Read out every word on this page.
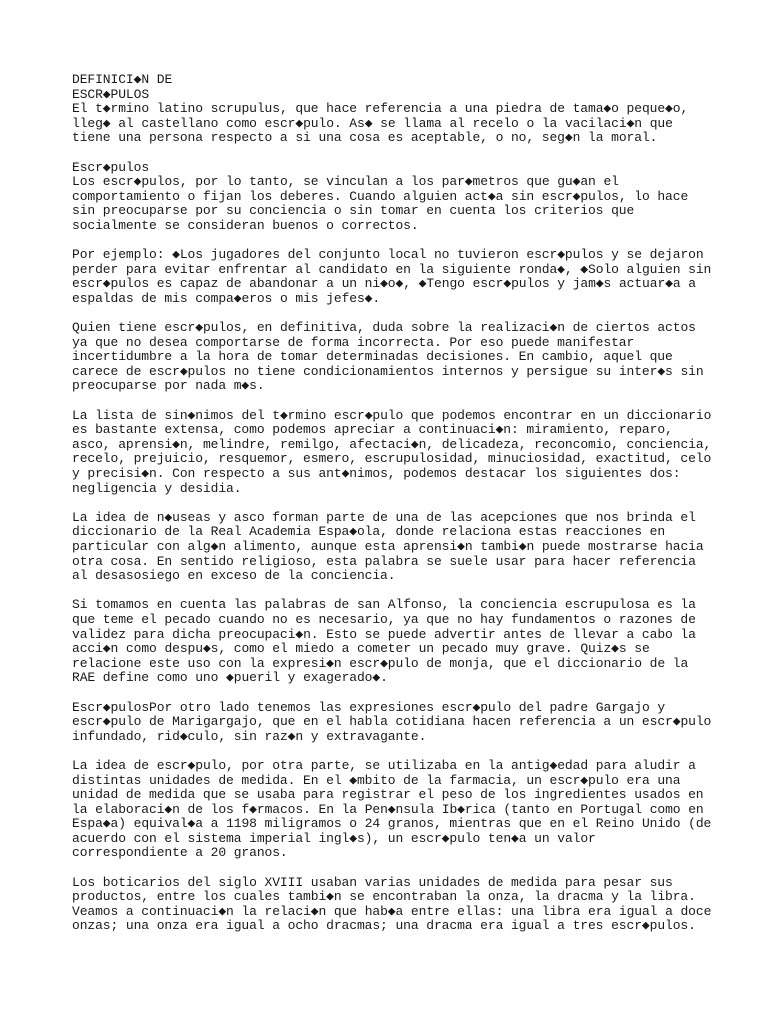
DEFINICI◆N DE
ESCR◆PULOS
El t◆rmino latino scrupulus, que hace referencia a una piedra de tama◆o peque◆o,
lleg◆ al castellano como escr◆pulo. As◆ se llama al recelo o la vacilaci◆n que
tiene una persona respecto a si una cosa es aceptable, o no, seg◆n la moral.
Escr◆pulos
Los escr◆pulos, por lo tanto, se vinculan a los par◆metros que gu◆an el
comportamiento o fijan los deberes. Cuando alguien act◆a sin escr◆pulos, lo hace
sin preocuparse por su conciencia o sin tomar en cuenta los criterios que
socialmente se consideran buenos o correctos.
Por ejemplo: ◆Los jugadores del conjunto local no tuvieron escr◆pulos y se dejaron
perder para evitar enfrentar al candidato en la siguiente ronda◆, ◆Solo alguien sin
escr◆pulos es capaz de abandonar a un ni◆o◆, ◆Tengo escr◆pulos y jam◆s actuar◆a a
espaldas de mis compa◆eros o mis jefes◆.
Quien tiene escr◆pulos, en definitiva, duda sobre la realizaci◆n de ciertos actos
ya que no desea comportarse de forma incorrecta. Por eso puede manifestar
incertidumbre a la hora de tomar determinadas decisiones. En cambio, aquel que
carece de escr◆pulos no tiene condicionamientos internos y persigue su inter◆s sin
preocuparse por nada m◆s.
La lista de sin◆nimos del t◆rmino escr◆pulo que podemos encontrar en un diccionario
es bastante extensa, como podemos apreciar a continuaci◆n: miramiento, reparo,
asco, aprensi◆n, melindre, remilgo, afectaci◆n, delicadeza, reconcomio, conciencia,
recelo, prejuicio, resquemor, esmero, escrupulosidad, minuciosidad, exactitud, celo
y precisi◆n. Con respecto a sus ant◆nimos, podemos destacar los siguientes dos:
negligencia y desidia.
La idea de n◆useas y asco forman parte de una de las acepciones que nos brinda el
diccionario de la Real Academia Espa◆ola, donde relaciona estas reacciones en
particular con alg◆n alimento, aunque esta aprensi◆n tambi◆n puede mostrarse hacia
otra cosa. En sentido religioso, esta palabra se suele usar para hacer referencia
al desasosiego en exceso de la conciencia.
Si tomamos en cuenta las palabras de san Alfonso, la conciencia escrupulosa es la
que teme el pecado cuando no es necesario, ya que no hay fundamentos o razones de
validez para dicha preocupaci◆n. Esto se puede advertir antes de llevar a cabo la
acci◆n como despu◆s, como el miedo a cometer un pecado muy grave. Quiz◆s se
relacione este uso con la expresi◆n escr◆pulo de monja, que el diccionario de la
RAE define como uno ◆pueril y exagerado◆.
Escr◆pulosPor otro lado tenemos las expresiones escr◆pulo del padre Gargajo y
escr◆pulo de Marigargajo, que en el habla cotidiana hacen referencia a un escr◆pulo
infundado, rid◆culo, sin raz◆n y extravagante.
La idea de escr◆pulo, por otra parte, se utilizaba en la antig◆edad para aludir a
distintas unidades de medida. En el ◆mbito de la farmacia, un escr◆pulo era una
unidad de medida que se usaba para registrar el peso de los ingredientes usados en
la elaboraci◆n de los f◆rmacos. En la Pen◆nsula Ib◆rica (tanto en Portugal como en
Espa◆a) equival◆a a 1198 miligramos o 24 granos, mientras que en el Reino Unido (de
acuerdo con el sistema imperial ingl◆s), un escr◆pulo ten◆a un valor
correspondiente a 20 granos.
Los boticarios del siglo XVIII usaban varias unidades de medida para pesar sus
productos, entre los cuales tambi◆n se encontraban la onza, la dracma y la libra.
Veamos a continuaci◆n la relaci◆n que hab◆a entre ellas: una libra era igual a doce
onzas; una onza era igual a ocho dracmas; una dracma era igual a tres escr◆pulos.
